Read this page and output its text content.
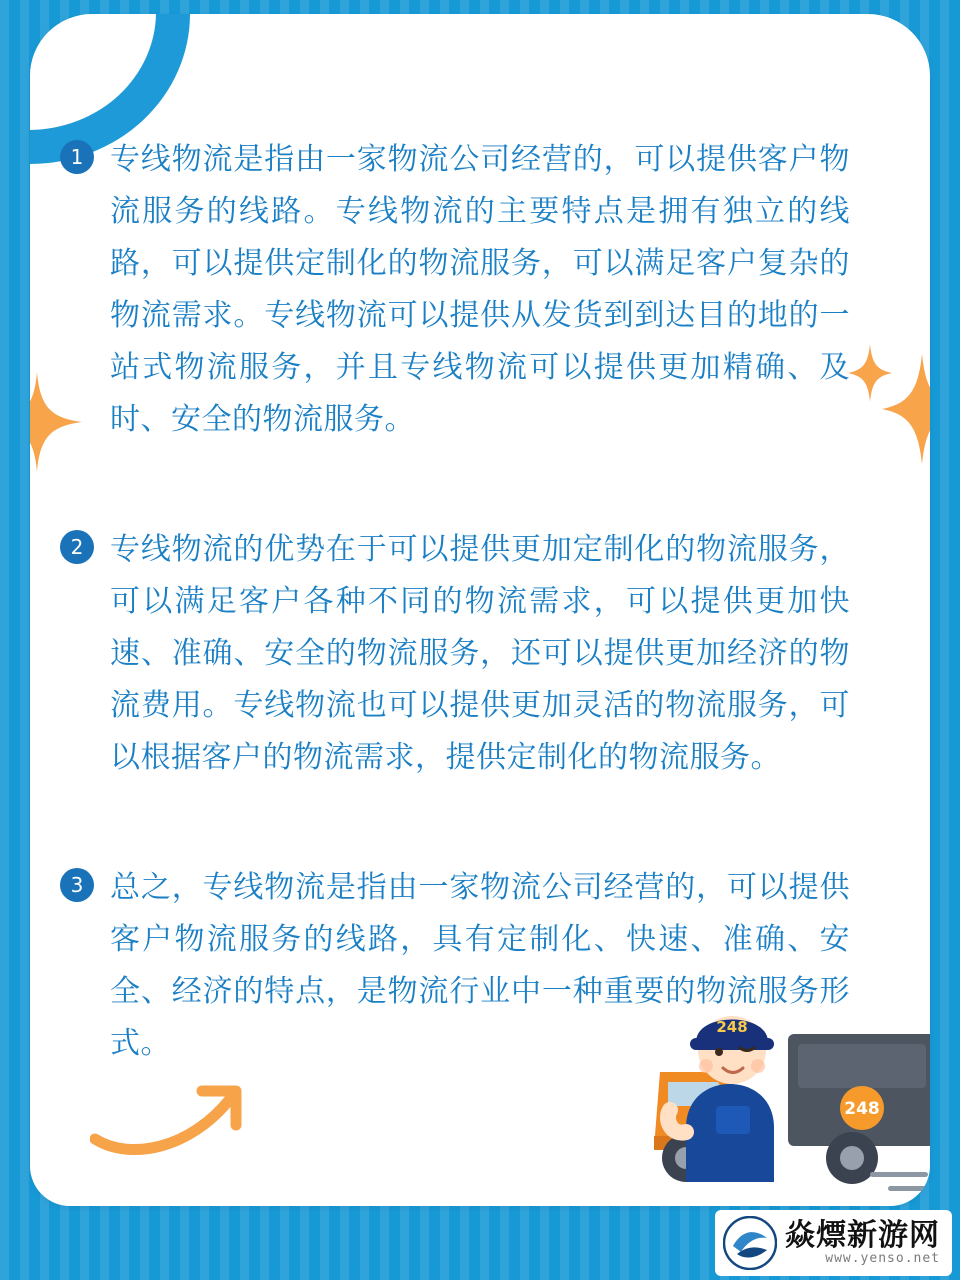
1 专线物流是指由一家物流公司经营的，可以提供客户物流服务的线路。专线物流的主要特点是拥有独立的线路，可以提供定制化的物流服务，可以满足客户复杂的物流需求。专线物流可以提供从发货到到达目的地的一站式物流服务，并且专线物流可以提供更加精确、及时、安全的物流服务。
2 专线物流的优势在于可以提供更加定制化的物流服务，可以满足客户各种不同的物流需求，可以提供更加快速、准确、安全的物流服务，还可以提供更加经济的物流费用。专线物流也可以提供更加灵活的物流服务，可以根据客户的物流需求，提供定制化的物流服务。
3 总之，专线物流是指由一家物流公司经营的，可以提供客户物流服务的线路，具有定制化、快速、准确、安全、经济的特点，是物流行业中一种重要的物流服务形式。
248
248
焱熛新游网
www.yenso.net
